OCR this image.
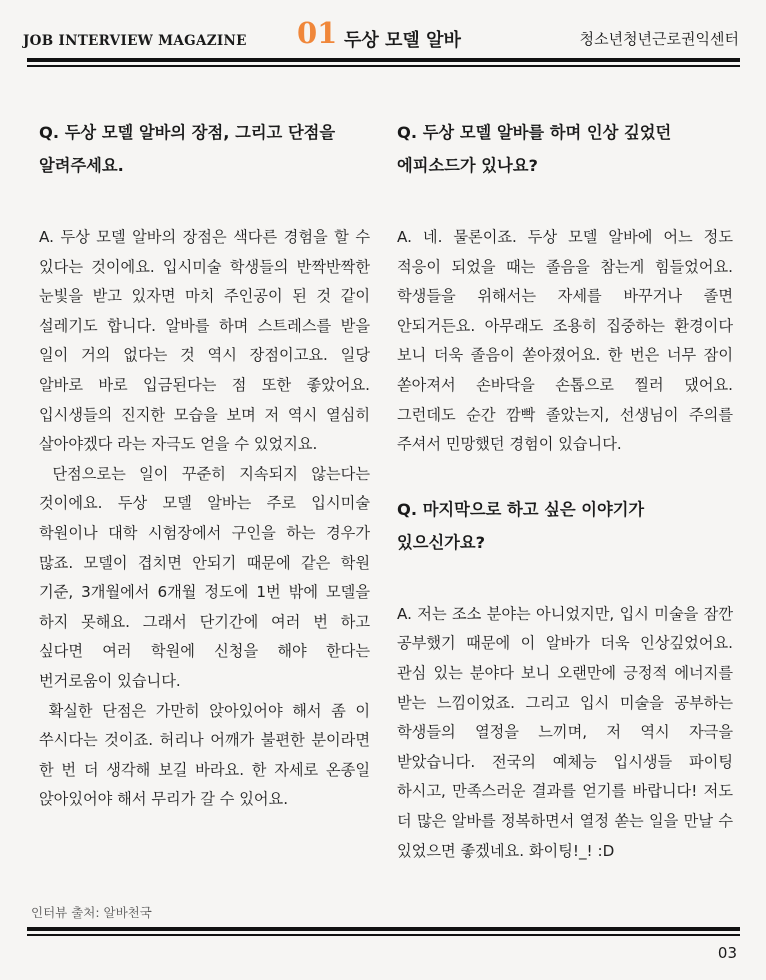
JOB INTERVIEW MAGAZINE 01 두상 모델 알바	청소년청년근로권익센터

Q. 두상 모델 알바의 장점, 그리고 단점을 알려주세요.

A. 두상 모델 알바의 장점은 색다른 경험을 할 수 있다는 것이에요. 입시미술 학생들의 반짝반짝한 눈빛을 받고 있자면 마치 주인공이 된 것 같이 설레기도 합니다. 알바를 하며 스트레스를 받을 일이 거의 없다는 것 역시 장점이고요. 일당 알바로 바로 입금된다는 점 또한 좋았어요. 입시생들의 진지한 모습을 보며 저 역시 열심히 살아야겠다 라는 자극도 얻을 수 있었지요.

단점으로는 일이 꾸준히 지속되지 않는다는 것이에요. 두상 모델 알바는 주로 입시미술 학원이나 대학 시험장에서 구인을 하는 경우가 많죠. 모델이 겹치면 안되기 때문에 같은 학원 기준, 3개월에서 6개월 정도에 1번 밖에 모델을 하지 못해요. 그래서 단기간에 여러 번 하고 싶다면 여러 학원에 신청을 해야 한다는 번거로움이 있습니다.

확실한 단점은 가만히 앉아있어야 해서 좀 이 쑤시다는 것이죠. 허리나 어깨가 불편한 분이라면 한 번 더 생각해 보길 바라요. 한 자세로 온종일 앉아있어야 해서 무리가 갈 수 있어요.

Q. 두상 모델 알바를 하며 인상 깊었던 에피소드가 있나요?

A. 네. 물론이죠. 두상 모델 알바에 어느 정도 적응이 되었을 때는 졸음을 참는게 힘들었어요. 학생들을 위해서는 자세를 바꾸거나 졸면 안되거든요. 아무래도 조용히 집중하는 환경이다 보니 더욱 졸음이 쏟아졌어요. 한 번은 너무 잠이 쏟아져서 손바닥을 손톱으로 찔러 댔어요. 그런데도 순간 깜빡 졸았는지, 선생님이 주의를 주셔서 민망했던 경험이 있습니다.

Q. 마지막으로 하고 싶은 이야기가 있으신가요?

A. 저는 조소 분야는 아니었지만, 입시 미술을 잠깐 공부했기 때문에 이 알바가 더욱 인상깊었어요. 관심 있는 분야다 보니 오랜만에 긍정적 에너지를 받는 느낌이었죠. 그리고 입시 미술을 공부하는 학생들의 열정을 느끼며, 저 역시 자극을 받았습니다. 전국의 예체능 입시생들 파이팅 하시고, 만족스러운 결과를 얻기를 바랍니다! 저도 더 많은 알바를 정복하면서 열정 쏟는 일을 만날 수 있었으면 좋겠네요. 화이팅!_! :D

인터뷰 출처: 알바천국
03
